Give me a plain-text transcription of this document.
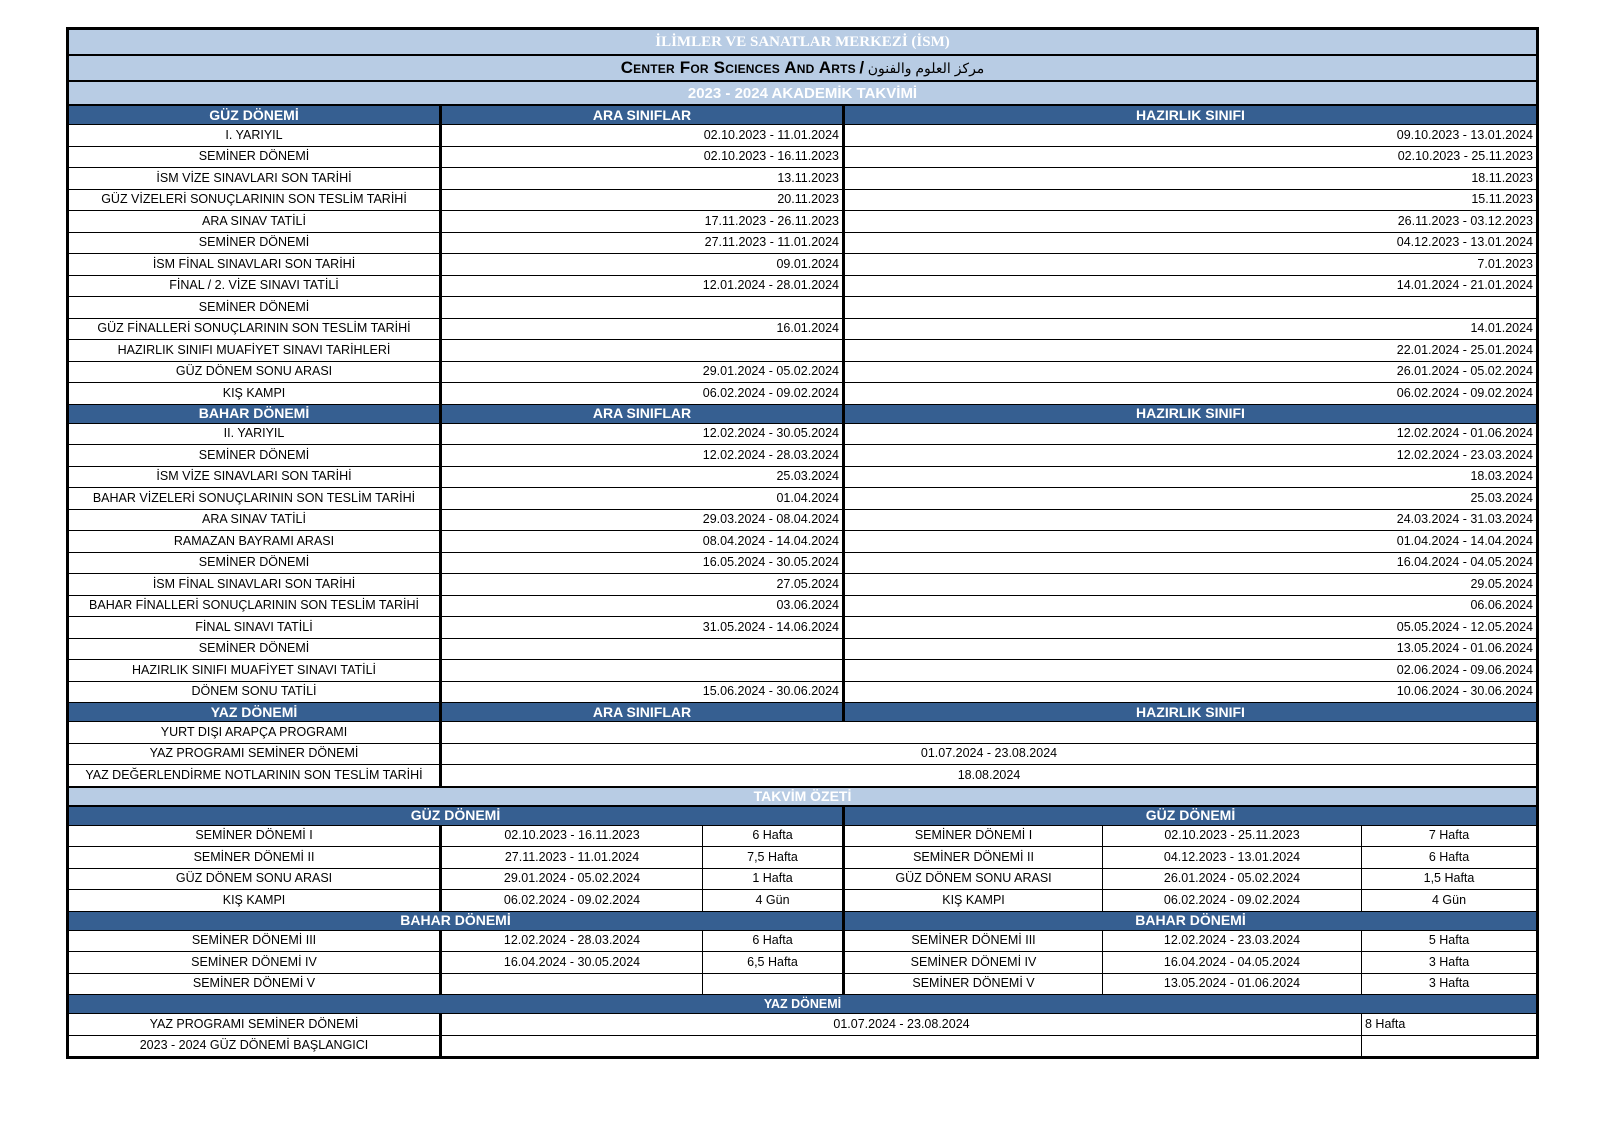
İLİMLER VE SANATLAR MERKEZİ (İSM)
Center For Sciences And Arts / مركز العلوم والفنون
2023 - 2024 AKADEMİK TAKVİMİ
GÜZ DÖNEMİ	ARA SINIFLAR	HAZIRLIK SINIFI
I. YARIYIL	02.10.2023 - 11.01.2024	09.10.2023 - 13.01.2024
SEMİNER DÖNEMİ	02.10.2023 - 16.11.2023	02.10.2023 - 25.11.2023
İSM VİZE SINAVLARI SON TARİHİ	13.11.2023	18.11.2023
GÜZ VİZELERİ SONUÇLARININ SON TESLİM TARİHİ	20.11.2023	15.11.2023
ARA SINAV TATİLİ	17.11.2023 - 26.11.2023	26.11.2023 - 03.12.2023
SEMİNER DÖNEMİ	27.11.2023 - 11.01.2024	04.12.2023 - 13.01.2024
İSM FİNAL SINAVLARI SON TARİHİ	09.01.2024	7.01.2023
FİNAL / 2. VİZE SINAVI TATİLİ	12.01.2024 - 28.01.2024	14.01.2024 - 21.01.2024
SEMİNER DÖNEMİ		
GÜZ FİNALLERİ SONUÇLARININ SON TESLİM TARİHİ	16.01.2024	14.01.2024
HAZIRLIK SINIFI MUAFİYET SINAVI TARİHLERİ		22.01.2024 - 25.01.2024
GÜZ DÖNEM SONU ARASI	29.01.2024 - 05.02.2024	26.01.2024 - 05.02.2024
KIŞ KAMPI	06.02.2024 - 09.02.2024	06.02.2024 - 09.02.2024
BAHAR DÖNEMİ	ARA SINIFLAR	HAZIRLIK SINIFI
II. YARIYIL	12.02.2024 - 30.05.2024	12.02.2024 - 01.06.2024
SEMİNER DÖNEMİ	12.02.2024 - 28.03.2024	12.02.2024 - 23.03.2024
İSM VİZE SINAVLARI SON TARİHİ	25.03.2024	18.03.2024
BAHAR VİZELERİ SONUÇLARININ SON TESLİM TARİHİ	01.04.2024	25.03.2024
ARA SINAV TATİLİ	29.03.2024 - 08.04.2024	24.03.2024 - 31.03.2024
RAMAZAN BAYRAMI ARASI	08.04.2024 - 14.04.2024	01.04.2024 - 14.04.2024
SEMİNER DÖNEMİ	16.05.2024 - 30.05.2024	16.04.2024 - 04.05.2024
İSM FİNAL SINAVLARI SON TARİHİ	27.05.2024	29.05.2024
BAHAR FİNALLERİ SONUÇLARININ SON TESLİM TARİHİ	03.06.2024	06.06.2024
FİNAL SINAVI TATİLİ	31.05.2024 - 14.06.2024	05.05.2024 - 12.05.2024
SEMİNER DÖNEMİ		13.05.2024 - 01.06.2024
HAZIRLIK SINIFI MUAFİYET SINAVI TATİLİ		02.06.2024 - 09.06.2024
DÖNEM SONU TATİLİ	15.06.2024 - 30.06.2024	10.06.2024 - 30.06.2024
YAZ DÖNEMİ	ARA SINIFLAR	HAZIRLIK SINIFI
YURT DIŞI ARAPÇA PROGRAMI		
YAZ PROGRAMI SEMİNER DÖNEMİ	01.07.2024 - 23.08.2024	
YAZ DEĞERLENDİRME NOTLARININ SON TESLİM TARİHİ	18.08.2024	
TAKVİM ÖZETİ
GÜZ DÖNEMİ			GÜZ DÖNEMİ		
SEMİNER DÖNEMİ I	02.10.2023 - 16.11.2023	6 Hafta	SEMİNER DÖNEMİ I	02.10.2023 - 25.11.2023	7 Hafta
SEMİNER DÖNEMİ II	27.11.2023 - 11.01.2024	7,5 Hafta	SEMİNER DÖNEMİ II	04.12.2023 - 13.01.2024	6 Hafta
GÜZ DÖNEM SONU ARASI	29.01.2024 - 05.02.2024	1 Hafta	GÜZ DÖNEM SONU ARASI	26.01.2024 - 05.02.2024	1,5 Hafta
KIŞ KAMPI	06.02.2024 - 09.02.2024	4 Gün	KIŞ KAMPI	06.02.2024 - 09.02.2024	4 Gün
BAHAR DÖNEMİ			BAHAR DÖNEMİ		
SEMİNER DÖNEMİ III	12.02.2024 - 28.03.2024	6 Hafta	SEMİNER DÖNEMİ III	12.02.2024 - 23.03.2024	5 Hafta
SEMİNER DÖNEMİ IV	16.04.2024 - 30.05.2024	6,5 Hafta	SEMİNER DÖNEMİ IV	16.04.2024 - 04.05.2024	3 Hafta
SEMİNER DÖNEMİ V			SEMİNER DÖNEMİ V	13.05.2024 - 01.06.2024	3 Hafta
YAZ DÖNEMİ					
YAZ PROGRAMI SEMİNER DÖNEMİ	01.07.2024 - 23.08.2024				8 Hafta
2023 - 2024 GÜZ DÖNEMİ BAŞLANGICI					
